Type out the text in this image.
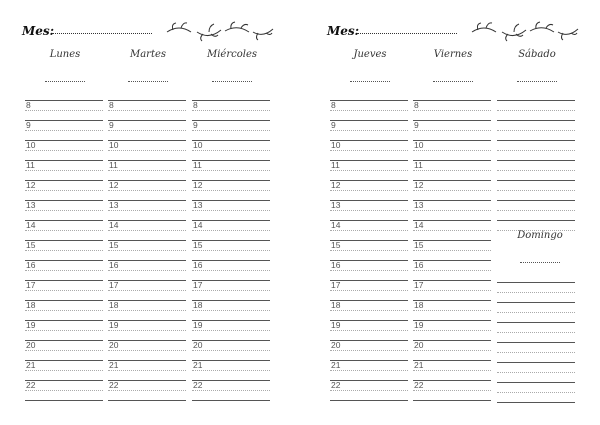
Mes:
Lunes
8
9
10
11
12
13
14
15
16
17
18
19
20
21
22
Martes
8
9
10
11
12
13
14
15
16
17
18
19
20
21
22
Miércoles
8
9
10
11
12
13
14
15
16
17
18
19
20
21
22
Mes:
Jueves
8
9
10
11
12
13
14
15
16
17
18
19
20
21
22
Viernes
8
9
10
11
12
13
14
15
16
17
18
19
20
21
22
Sábado
Domingo
